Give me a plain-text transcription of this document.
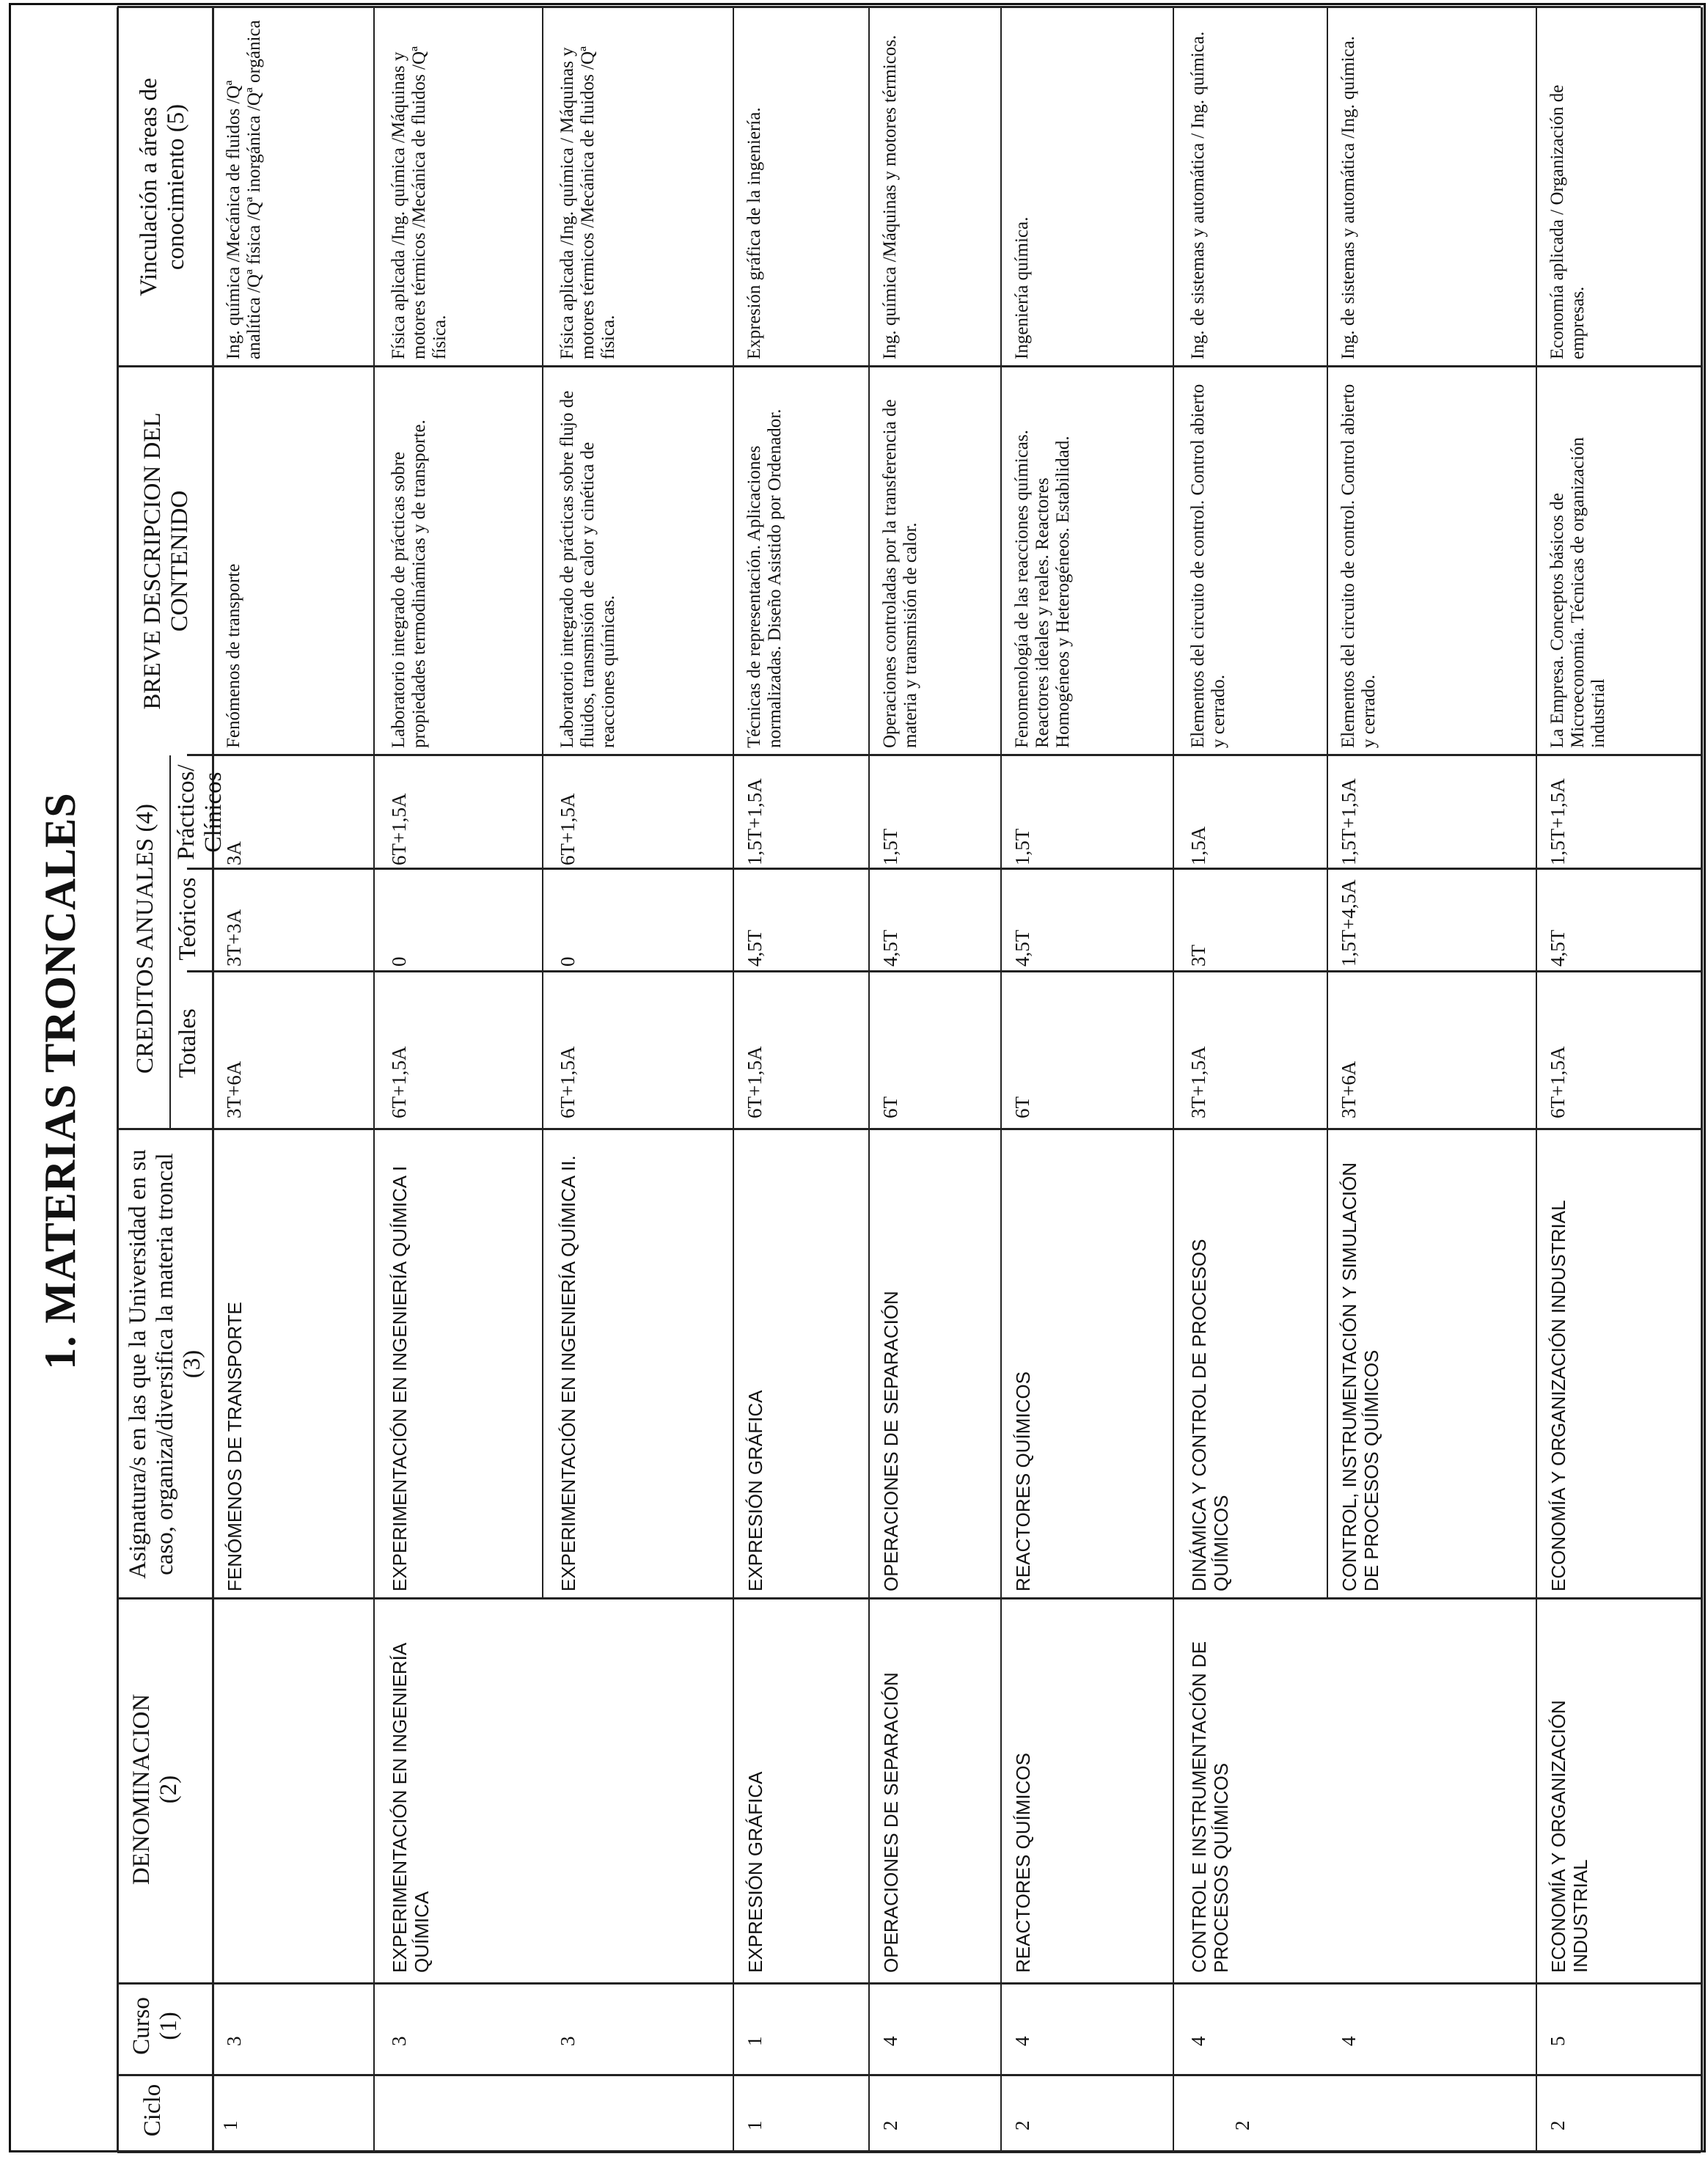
1. MATERIAS TRONCALES
Ciclo
Curso
(1)
DENOMINACION
(2)
Asignatura/s en las que la Universidad en su caso, organiza/diversifica la materia troncal (3)
CREDITOS ANUALES (4) Totales
Teóricos
Prácticos/
Clínicos
BREVE DESCRIPCION DEL
CONTENIDO
Vinculación a áreas de
conocimiento (5)
3
FENÓMENOS DE TRANSPORTE
3T+6A
3T+3A
3A
Fenómenos de transporte
Ing. química /Mecánica de fluidos /Qª analítica /Qª física /Qª inorgánica /Qª orgánica
1
3
EXPERIMENTACIÓN EN INGENIERÍA QUÍMICA
EXPERIMENTACIÓN EN INGENIERÍA QUÍMICA I
6T+1,5A
0
6T+1,5A
Laboratorio integrado de prácticas sobre propiedades termodinámicas y de transporte.
Física aplicada /Ing. química /Máquinas y motores térmicos /Mecánica de fluidos /Qª física.
3
EXPERIMENTACIÓN EN INGENIERÍA QUÍMICA II.
6T+1,5A
0
6T+1,5A
Laboratorio integrado de prácticas sobre flujo de fluidos, transmisión de calor y cinética de reacciones químicas.
Física aplicada /Ing. química / Máquinas y motores térmicos /Mecánica de fluidos /Qª física.
1
1
EXPRESIÓN GRÁFICA
EXPRESIÓN GRÁFICA
6T+1,5A
4,5T
1,5T+1,5A
Técnicas de representación. Aplicaciones normalizadas. Diseño Asistido por Ordenador.
Expresión gráfica de la ingeniería.
2
4
OPERACIONES DE SEPARACIÓN
OPERACIONES DE SEPARACIÓN
6T
4,5T
1,5T
Operaciones controladas por la transferencia de materia y transmisión de calor.
Ing. química /Máquinas y motores térmicos.
2
4
REACTORES QUÍMICOS
REACTORES QUÍMICOS
6T
4,5T
1,5T
Fenomenología de las reacciones químicas. Reactores ideales y reales. Reactores Homogéneos y Heterogéneos. Estabilidad.
Ingeniería química.
2
4
CONTROL E INSTRUMENTACIÓN DE PROCESOS QUÍMICOS
DINÁMICA Y CONTROL DE PROCESOS QUÍMICOS
3T+1,5A
3T
1,5A
Elementos del circuito de control. Control abierto y cerrado.
Ing. de sistemas y automática / Ing. química.
4
CONTROL, INSTRUMENTACIÓN Y SIMULACIÓN DE PROCESOS QUÍMICOS
3T+6A
1,5T+4,5A
1,5T+1,5A
Elementos del circuito de control. Control abierto y cerrado.
Ing. de sistemas y automática /Ing. química.
2
5
ECONOMÍA Y ORGANIZACIÓN INDUSTRIAL
ECONOMÍA Y ORGANIZACIÓN INDUSTRIAL
6T+1,5A
4,5T
1,5T+1,5A
La Empresa. Conceptos básicos de Microeconomía. Técnicas de organización industrial
Economía aplicada / Organización de empresas.
